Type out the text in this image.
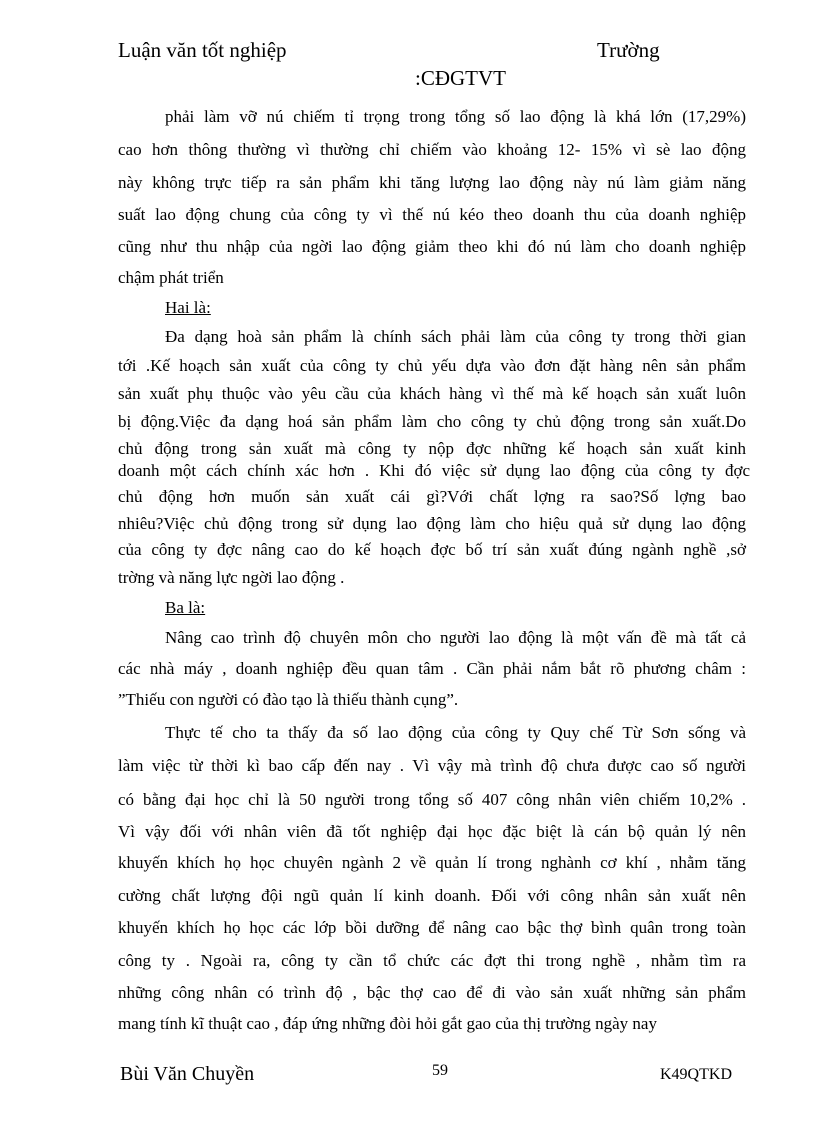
Luận văn tốt nghiệp	Trường
:CĐGTVT
phải làm vỡ nú chiếm tỉ trọng trong tổng số lao động là khá lớn (17,29%)
cao hơn thông thường vì thường chỉ chiếm vào khoảng 12- 15% vì sè lao động
này không trực tiếp ra sản phẩm khi tăng lượng lao động này nú làm giảm năng
suất lao động chung của công ty vì thế nú kéo theo doanh thu của doanh nghiệp
cũng như thu nhập của ngời lao động giảm theo khi đó nú làm cho doanh nghiệp
chậm phát triển
Hai là:
Đa dạng hoà sản phẩm là chính sách phải làm của công ty trong thời gian
tới .Kế hoạch sản xuất của công ty chủ yếu dựa vào đơn đặt hàng nên sản phẩm
sản xuất phụ thuộc vào yêu cầu của khách hàng vì thế mà kế hoạch sản xuất luôn
bị động.Việc đa dạng hoá sản phẩm làm cho công ty chủ động trong sản xuất.Do
chủ động trong sản xuất mà công ty nộp đợc những kế hoạch sản xuất kinh
doanh một cách chính xác hơn . Khi đó việc sử dụng lao động của công ty đợc
chủ động hơn muốn sản xuất cái gì?Với chất lợng ra sao?Số lợng bao
nhiêu?Việc chủ động trong sử dụng lao động làm cho hiệu quả sử dụng lao động
của công ty đợc nâng cao do kế hoạch đợc bố trí sản xuất đúng ngành nghề ,sở
trờng và năng lực ngời lao động .
Ba là:
Nâng cao trình độ chuyên môn cho người lao động là một vấn đề mà tất cả
các nhà máy , doanh nghiệp đều quan tâm . Cần phải nắm bắt rõ phương châm :
”Thiếu con người có đào tạo là thiếu thành cụng”.
Thực tế cho ta thấy đa số lao động của công ty Quy chế Từ Sơn sống và
làm việc từ thời kì bao cấp đến nay . Vì vậy mà trình độ chưa được cao số người
có bằng đại học chỉ là 50 người trong tổng số 407 công nhân viên chiếm 10,2% .
Vì vậy đối với nhân viên đã tốt nghiệp đại học đặc biệt là cán bộ quản lý nên
khuyến khích họ học chuyên ngành 2 về quản lí trong nghành cơ khí , nhằm tăng
cường chất lượng đội ngũ quản lí kinh doanh. Đối với công nhân sản xuất nên
khuyến khích họ học các lớp bồi dưỡng để nâng cao bậc thợ bình quân trong toàn
công ty . Ngoài ra, công ty cần tổ chức các đợt thi trong nghề , nhằm tìm ra
những công nhân có trình độ , bậc thợ cao để đi vào sản xuất những sản phẩm
mang tính kĩ thuật cao , đáp ứng những đòi hỏi gắt gao của thị trường ngày nay
Bùi Văn Chuyền	59	K49QTKD
